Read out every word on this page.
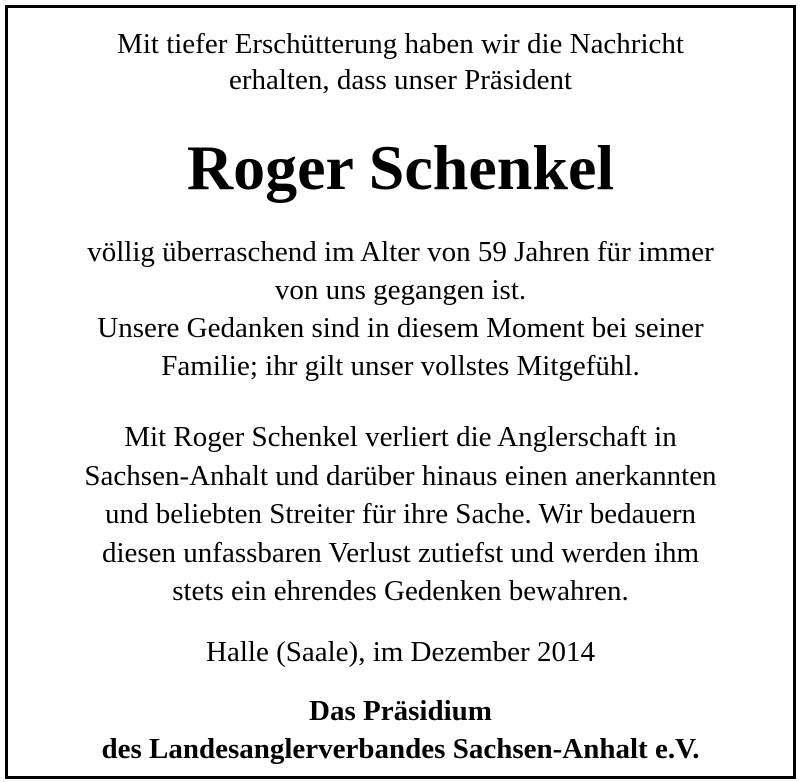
Mit tiefer Erschütterung haben wir die Nachricht
erhalten, dass unser Präsident
Roger Schenkel
völlig überraschend im Alter von 59 Jahren für immer
von uns gegangen ist.
Unsere Gedanken sind in diesem Moment bei seiner
Familie; ihr gilt unser vollstes Mitgefühl.
Mit Roger Schenkel verliert die Anglerschaft in
Sachsen-Anhalt und darüber hinaus einen anerkannten
und beliebten Streiter für ihre Sache. Wir bedauern
diesen unfassbaren Verlust zutiefst und werden ihm
stets ein ehrendes Gedenken bewahren.
Halle (Saale), im Dezember 2014
Das Präsidium
des Landesanglerverbandes Sachsen-Anhalt e.V.
